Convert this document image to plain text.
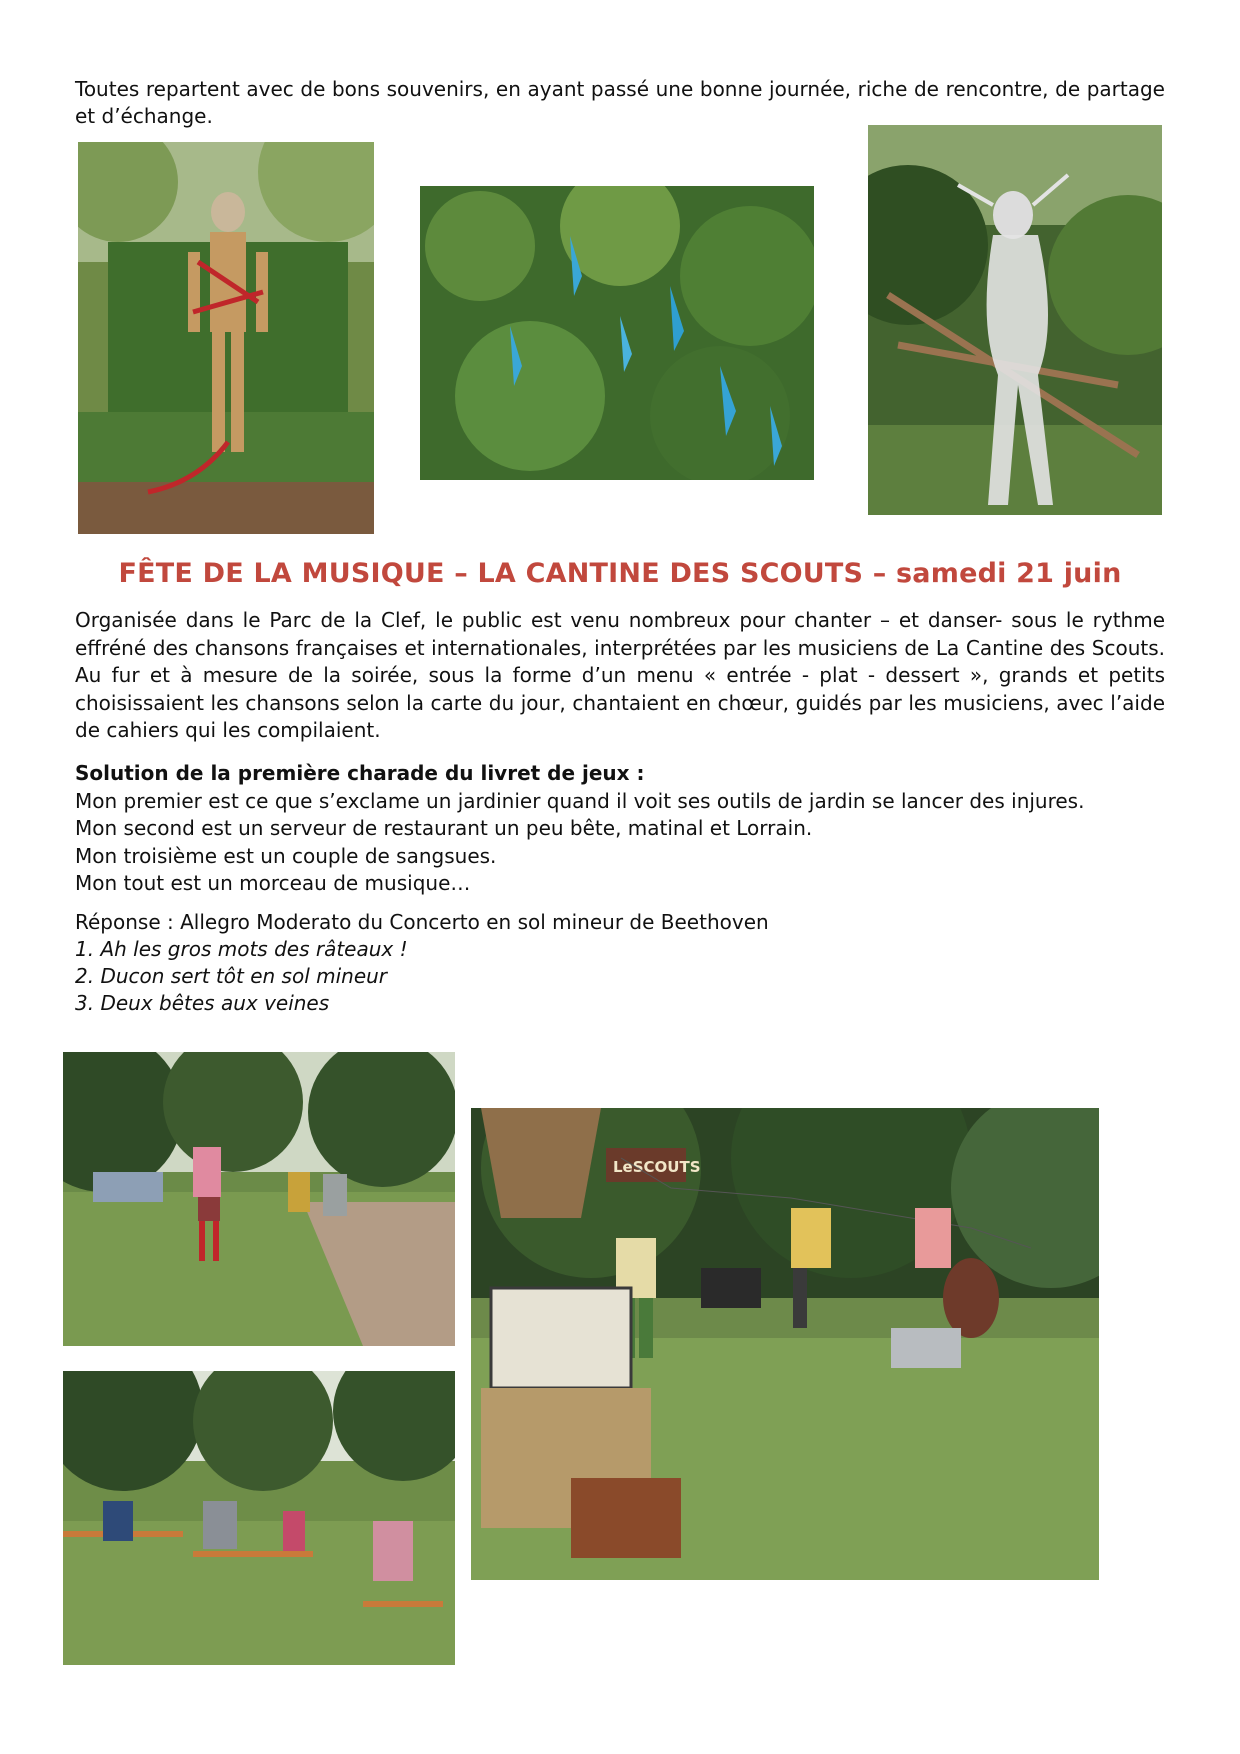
Toutes repartent avec de bons souvenirs, en ayant passé une bonne journée, riche de rencontre, de partage et d’échange.

FÊTE DE LA MUSIQUE – LA CANTINE DES SCOUTS – samedi 21 juin

Organisée dans le Parc de la Clef, le public est venu nombreux pour chanter – et danser- sous le rythme effréné des chansons françaises et internationales, interprétées par les musiciens de La Cantine des Scouts. Au fur et à mesure de la soirée, sous la forme d’un menu « entrée - plat - dessert », grands et petits choisissaient les chansons selon la carte du jour, chantaient en chœur, guidés par les musiciens, avec l’aide de cahiers qui les compilaient.

Solution de la première charade du livret de jeux :
Mon premier est ce que s’exclame un jardinier quand il voit ses outils de jardin se lancer des injures.
Mon second est un serveur de restaurant un peu bête, matinal et Lorrain.
Mon troisième est un couple de sangsues.
Mon tout est un morceau de musique…
Réponse : Allegro Moderato du Concerto en sol mineur de Beethoven
1. Ah les gros mots des râteaux !
2. Ducon sert tôt en sol mineur
3. Deux bêtes aux veines
LeSCOUTS
